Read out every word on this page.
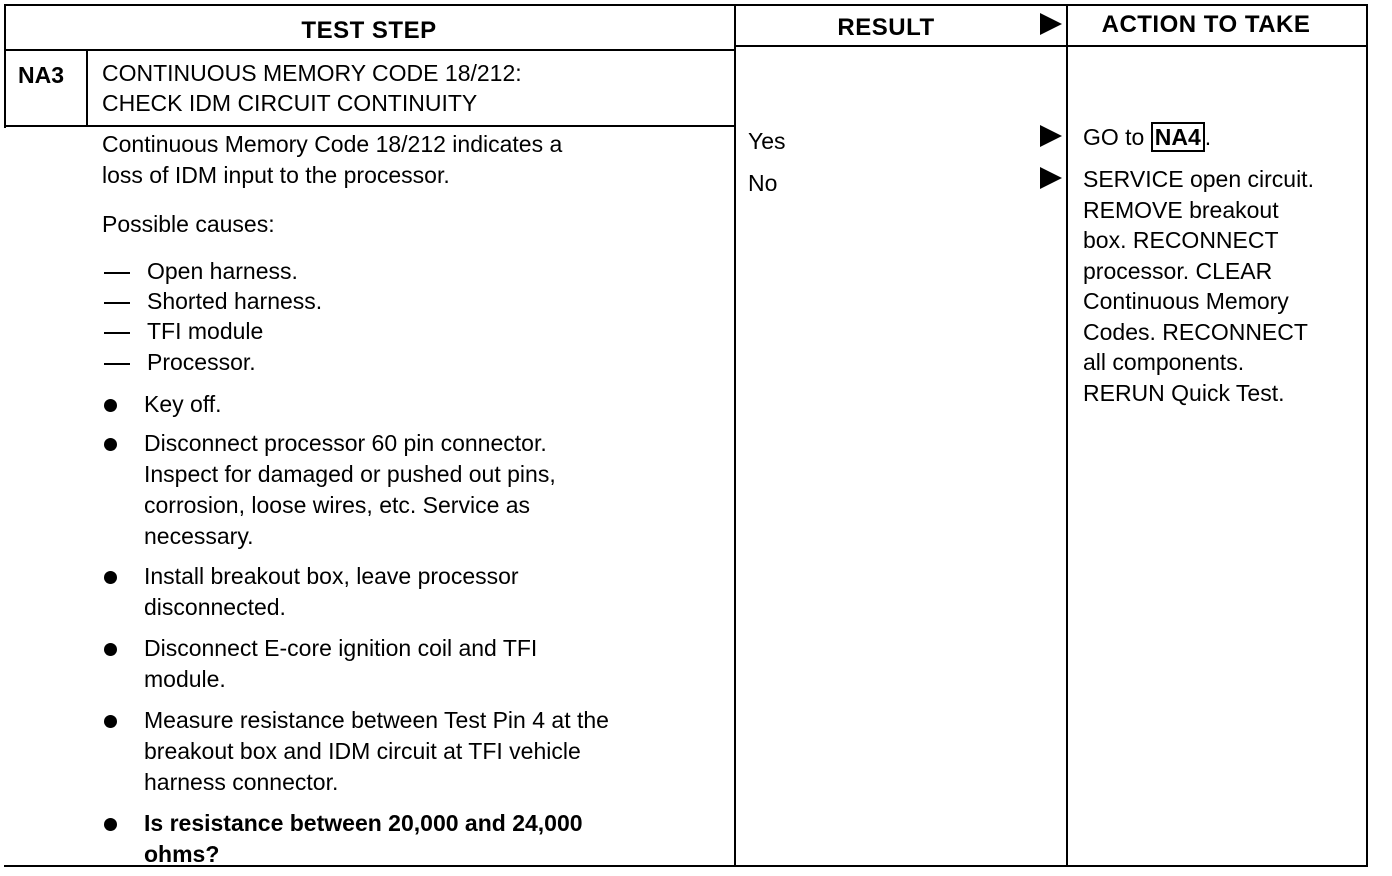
TEST STEP	RESULT	ACTION TO TAKE
NA3 CONTINUOUS MEMORY CODE 18/212:
CHECK IDM CIRCUIT CONTINUITY
Continuous Memory Code 18/212 indicates a
loss of IDM input to the processor.
Possible causes:
Open harness.
Shorted harness.
TFI module
Processor.
Key off.
Disconnect processor 60 pin connector.
Inspect for damaged or pushed out pins,
corrosion, loose wires, etc. Service as
necessary.
Install breakout box, leave processor
disconnected.
Disconnect E-core ignition coil and TFI
module.
Measure resistance between Test Pin 4 at the
breakout box and IDM circuit at TFI vehicle
harness connector.
Is resistance between 20,000 and 24,000
ohms?
Yes
No
GO to NA4 .
SERVICE open circuit.
REMOVE breakout
box. RECONNECT
processor. CLEAR
Continuous Memory
Codes. RECONNECT
all components.
RERUN Quick Test.
